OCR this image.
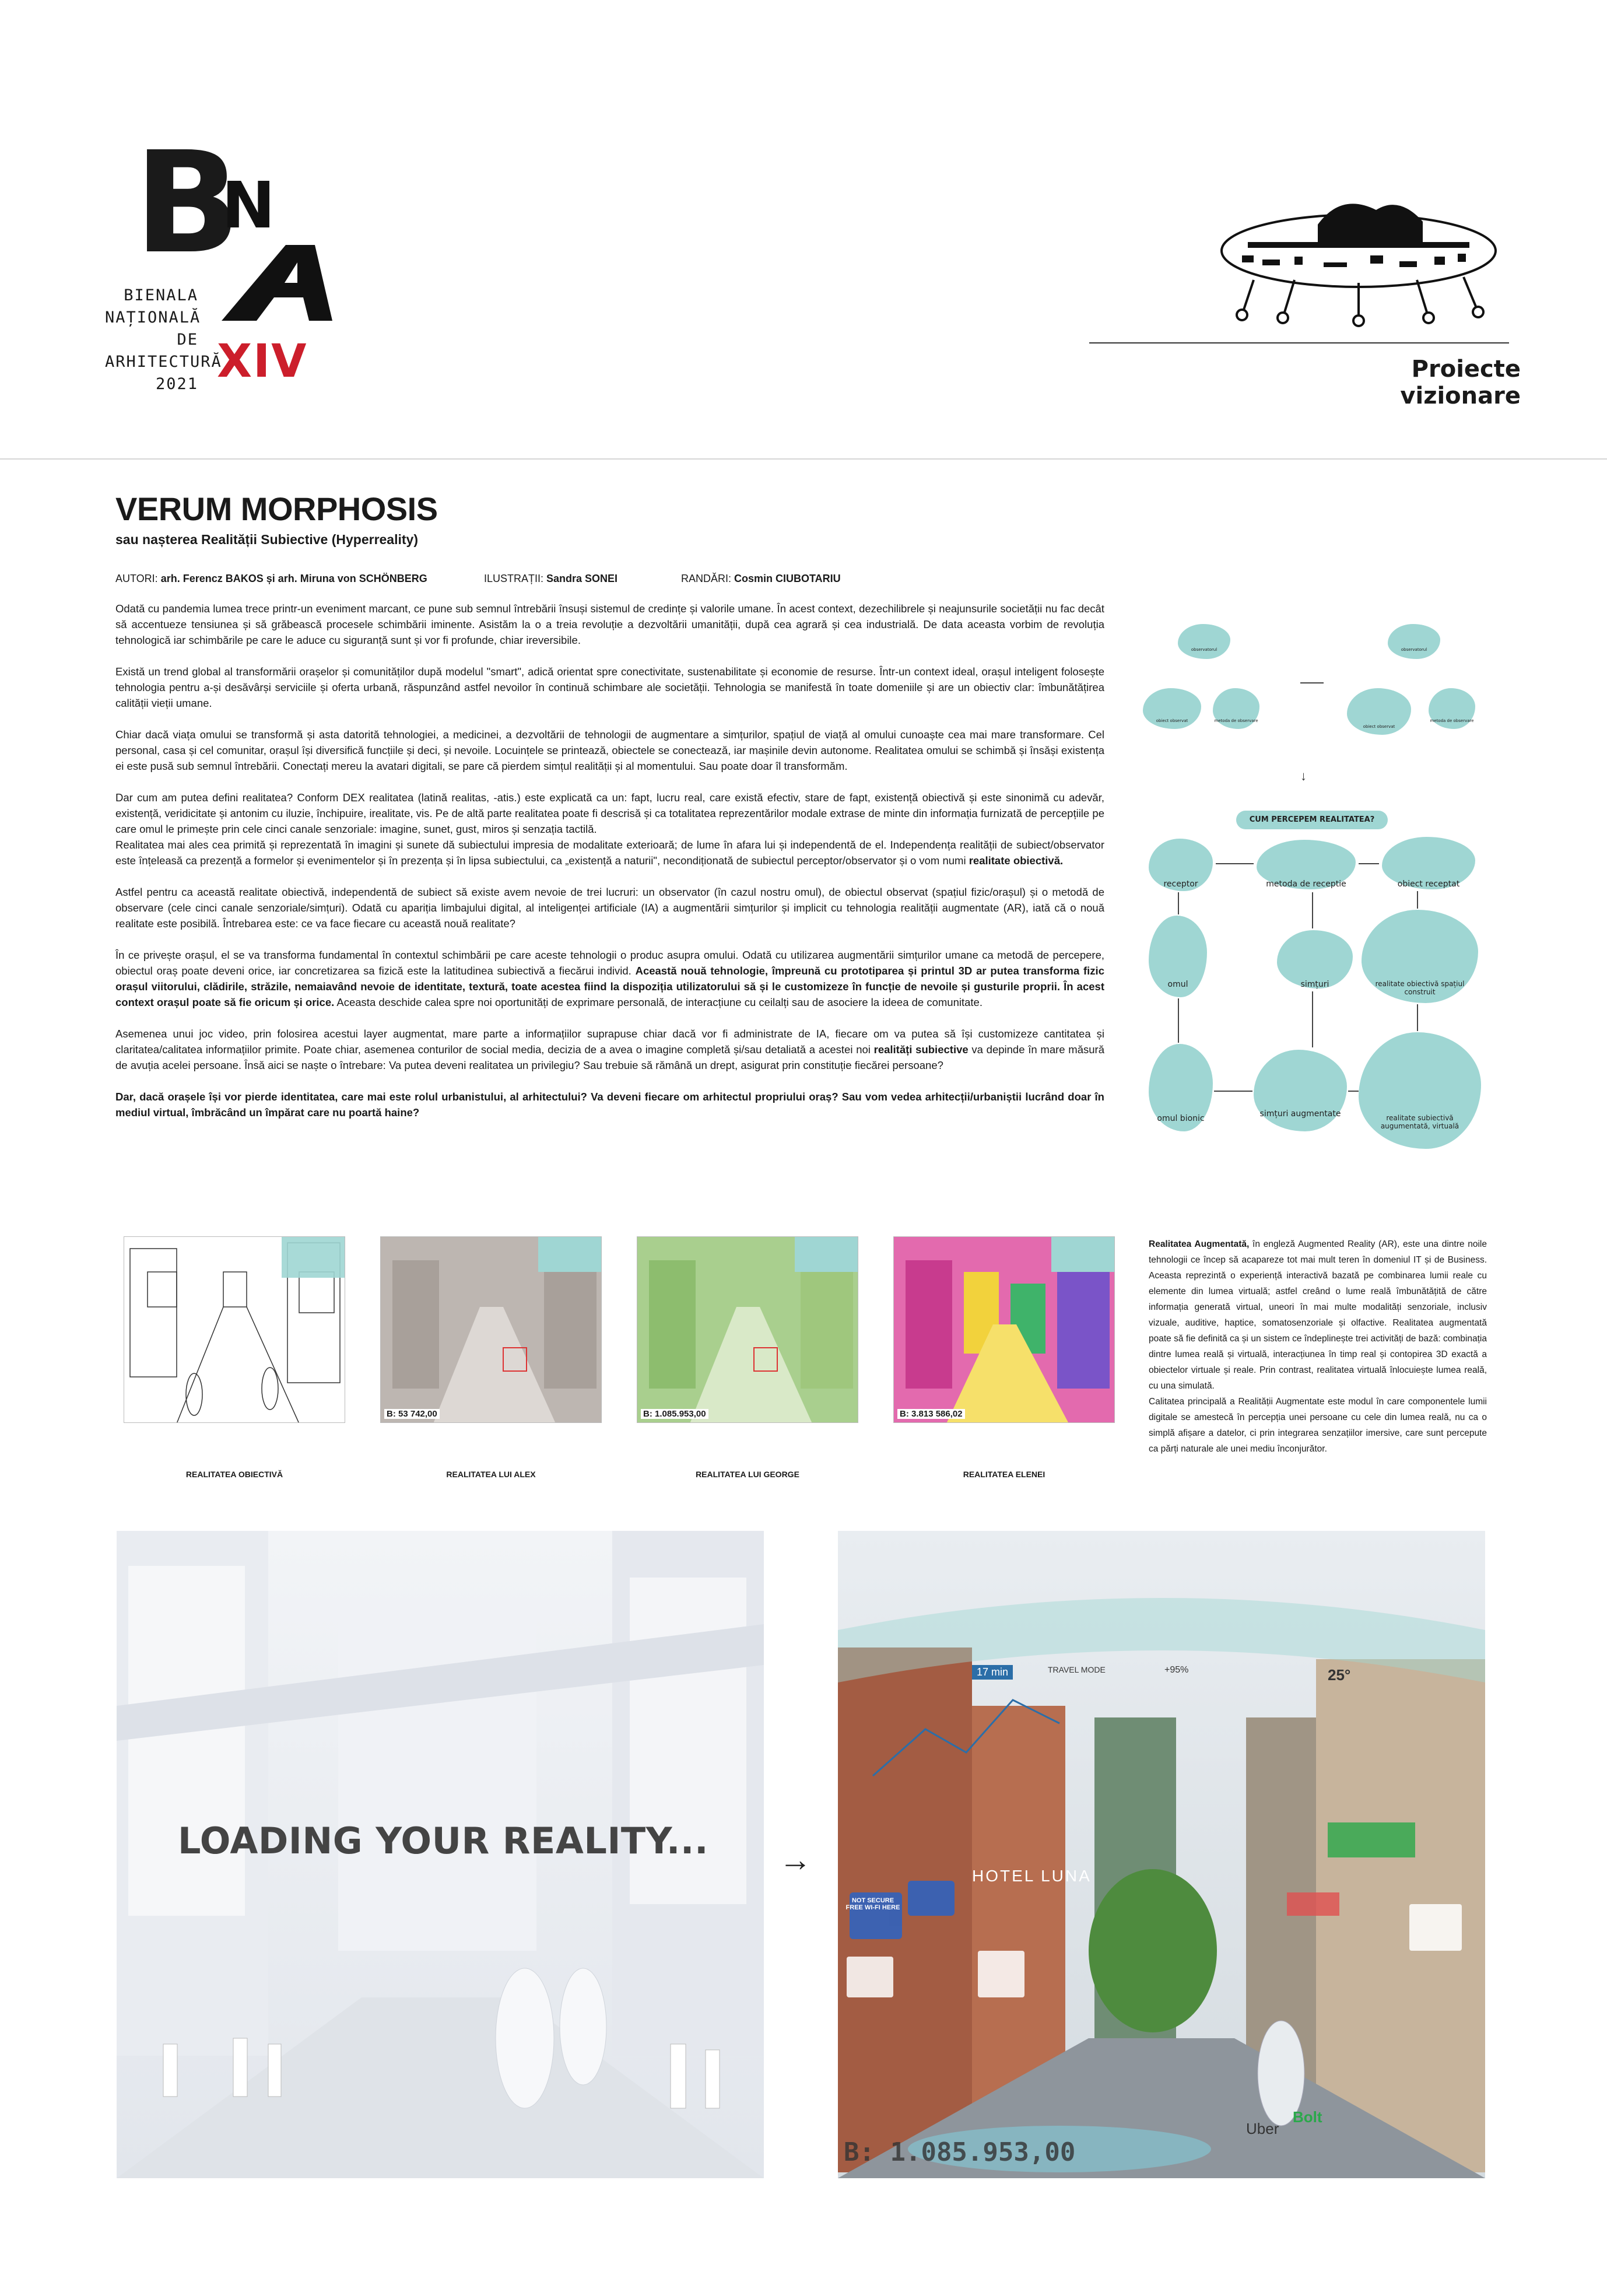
B
N
BIENALA
NAȚIONALĂ
DE
ARHITECTURĂ
2021 XIV	Proiecte vizionare
VERUM MORPHOSIS
sau nașterea Realității Subiective (Hyperreality)
AUTORI: arh. Ferencz BAKOS și arh. Miruna von SCHÖNBERG	ILUSTRAȚII: Sandra SONEI	RANDĂRI: Cosmin CIUBOTARIU

Odată cu pandemia lumea trece printr-un eveniment marcant, ce pune sub semnul întrebării însuși sistemul de credințe și valorile umane. În acest context, dezechilibrele și neajunsurile societății nu fac decât să accentueze tensiunea și să grăbească procesele schimbării iminente. Asistăm la o a treia revoluție a dezvoltării umanității, după cea agrară și cea industrială. De data aceasta vorbim de revoluția tehnologică iar schimbările pe care le aduce cu siguranță sunt și vor fi profunde, chiar ireversibile.

Există un trend global al transformării orașelor și comunităților după modelul "smart", adică orientat spre conectivitate, sustenabilitate și economie de resurse. Într-un context ideal, orașul inteligent folosește tehnologia pentru a-și desăvârși serviciile și oferta urbană, răspunzând astfel nevoilor în continuă schimbare ale societății. Tehnologia se manifestă în toate domeniile și are un obiectiv clar: îmbunătățirea calității vieții umane.

Chiar dacă viața omului se transformă și asta datorită tehnologiei, a medicinei, a dezvoltării de tehnologii de augmentare a simțurilor, spațiul de viață al omului cunoaște cea mai mare transformare. Cel personal, casa și cel comunitar, orașul își diversifică funcțiile și deci, și nevoile. Locuințele se printează, obiectele se conectează, iar mașinile devin autonome. Realitatea omului se schimbă și însăși existența ei este pusă sub semnul întrebării. Conectați mereu la avatari digitali, se pare că pierdem simțul realității și al momentului. Sau poate doar îl transformăm.

Dar cum am putea defini realitatea? Conform DEX realitatea (latină realitas, -atis.) este explicată ca un: fapt, lucru real, care există efectiv, stare de fapt, existență obiectivă și este sinonimă cu adevăr, existență, veridicitate și antonim cu iluzie, închipuire, irealitate, vis. Pe de altă parte realitatea poate fi descrisă și ca totalitatea reprezentărilor modale extrase de minte din informația furnizată de percepțiile pe care omul le primește prin cele cinci canale senzoriale: imagine, sunet, gust, miros și senzația tactilă.

Realitatea mai ales cea primită și reprezentată în imagini și sunete dă subiectului impresia de modalitate exterioară; de lume în afara lui și independentă de el. Independența realității de subiect/observator este înțeleasă ca prezență a formelor și evenimentelor și în prezența și în lipsa subiectului, ca „existență a naturii", necondiționată de subiectul perceptor/observator și o vom numi realitate obiectivă.

Astfel pentru ca această realitate obiectivă, independentă de subiect să existe avem nevoie de trei lucruri: un observator (în cazul nostru omul), de obiectul observat (spațiul fizic/orașul) și o metodă de observare (cele cinci canale senzoriale/simțuri). Odată cu apariția limbajului digital, al inteligenței artificiale (IA) a augmentării simțurilor și implicit cu tehnologia realității augmentate (AR), iată că o nouă realitate este posibilă. Întrebarea este: ce va face fiecare cu această nouă realitate?

În ce privește orașul, el se va transforma fundamental în contextul schimbării pe care aceste tehnologii o produc asupra omului. Odată cu utilizarea augmentării simțurilor umane ca metodă de percepere, obiectul oraș poate deveni orice, iar concretizarea sa fizică este la latitudinea subiectivă a fiecărui individ. Această nouă tehnologie, împreună cu prototiparea și printul 3D ar putea transforma fizic orașul viitorului, clădirile, străzile, nemaiavând nevoie de identitate, textură, toate acestea fiind la dispoziția utilizatorului să și le customizeze în funcție de nevoile și gusturile proprii. În acest context orașul poate să fie oricum și orice. Aceasta deschide calea spre noi oportunități de exprimare personală, de interacțiune cu ceilalți sau de asociere la ideea de comunitate.

Asemenea unui joc video, prin folosirea acestui layer augmentat, mare parte a informațiilor suprapuse chiar dacă vor fi administrate de IA, fiecare om va putea să își customizeze cantitatea și claritatea/calitatea informațiilor primite. Poate chiar, asemenea conturilor de social media, decizia de a avea o imagine completă și/sau detaliată a acestei noi realități subiective va depinde în mare măsură de avuția acelei persoane. Însă aici se naște o întrebare: Va putea deveni realitatea un privilegiu? Sau trebuie să rămână un drept, asigurat prin constituție fiecărei persoane?

Dar, dacă orașele își vor pierde identitatea, care mai este rolul urbanistului, al arhitectului? Va deveni fiecare om arhitectul propriului oraș? Sau vom vedea arhitecții/urbaniștii lucrând doar în mediul virtual, îmbrăcând un împărat care nu poartă haine?

observatorul
obiect observat	metoda de observare
observatorul
obiect observat
metoda de observare
↓
CUM PERCEPEM REALITATEA?
receptor	metoda de receptie	obiect receptat
omul	simțuri	realitate obiectivă spațiul construit
omul bionic	simțuri augmentate	realitate subiectivă augumentată, virtuală
B: 53 742,00	B: 1.085.953,00	B: 3.813 586,02
REALITATEA OBIECTIVĂ	REALITATEA LUI ALEX	REALITATEA LUI GEORGE	REALITATEA ELENEI

Realitatea Augmentată, în engleză Augmented Reality (AR), este una dintre noile tehnologii ce încep să acapareze tot mai mult teren în domeniul IT și de Business. Aceasta reprezintă o experiență interactivă bazată pe combinarea lumii reale cu elemente din lumea virtuală; astfel creând o lume reală îmbunătățită de către informația generată virtual, uneori în mai multe modalități senzoriale, inclusiv vizuale, auditive, haptice, somatosenzoriale și olfactive. Realitatea augmentată poate să fie definită ca și un sistem ce îndeplinește trei activități de bază: combinația dintre lumea reală și virtuală, interacțiunea în timp real și contopirea 3D exactă a obiectelor virtuale și reale. Prin contrast, realitatea virtuală înlocuiește lumea reală, cu una simulată.

Calitatea principală a Realității Augmentate este modul în care componentele lumii digitale se amestecă în percepția unei persoane cu cele din lumea reală, nu ca o simplă afișare a datelor, ci prin integrarea senzațiilor imersive, care sunt percepute ca părți naturale ale unei mediu înconjurător.

LOADING YOUR REALITY... →
17 min	TRAVEL MODE	+95%	25°
HOTEL LUNA
NOT SECURE FREE WI-FI HERE
Uber
Bolt
B: 1.085.953,00
